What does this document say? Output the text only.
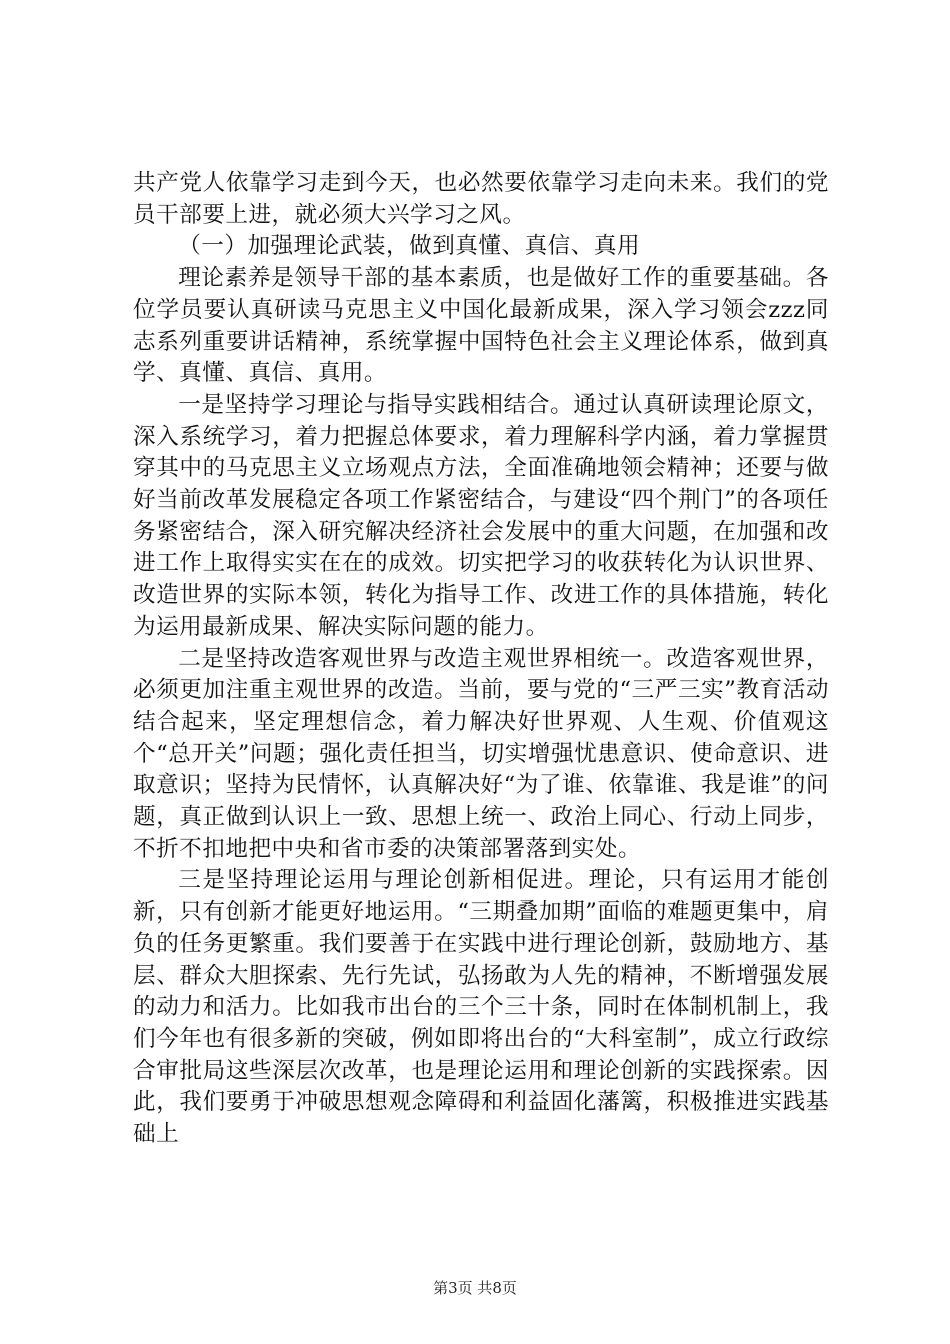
共产党人依靠学习走到今天，也必然要依靠学习走向未来。我们的党员干部要上进，就必须大兴学习之风。

（一）加强理论武装，做到真懂、真信、真用

理论素养是领导干部的基本素质，也是做好工作的重要基础。各位学员要认真研读马克思主义中国化最新成果，深入学习领会zzz同志系列重要讲话精神，系统掌握中国特色社会主义理论体系，做到真学、真懂、真信、真用。

一是坚持学习理论与指导实践相结合。通过认真研读理论原文，深入系统学习，着力把握总体要求，着力理解科学内涵，着力掌握贯穿其中的马克思主义立场观点方法，全面准确地领会精神；还要与做好当前改革发展稳定各项工作紧密结合，与建设“四个荆门”的各项任务紧密结合，深入研究解决经济社会发展中的重大问题，在加强和改进工作上取得实实在在的成效。切实把学习的收获转化为认识世界、改造世界的实际本领，转化为指导工作、改进工作的具体措施，转化为运用最新成果、解决实际问题的能力。

二是坚持改造客观世界与改造主观世界相统一。改造客观世界，必须更加注重主观世界的改造。当前，要与党的“三严三实”教育活动结合起来，坚定理想信念，着力解决好世界观、人生观、价值观这个“总开关”问题；强化责任担当，切实增强忧患意识、使命意识、进取意识；坚持为民情怀，认真解决好“为了谁、依靠谁、我是谁”的问题，真正做到认识上一致、思想上统一、政治上同心、行动上同步，不折不扣地把中央和省市委的决策部署落到实处。

三是坚持理论运用与理论创新相促进。理论，只有运用才能创新，只有创新才能更好地运用。“三期叠加期”面临的难题更集中，肩负的任务更繁重。我们要善于在实践中进行理论创新，鼓励地方、基层、群众大胆探索、先行先试，弘扬敢为人先的精神，不断增强发展的动力和活力。比如我市出台的三个三十条，同时在体制机制上，我们今年也有很多新的突破，例如即将出台的“大科室制”，成立行政综合审批局这些深层次改革，也是理论运用和理论创新的实践探索。因此，我们要勇于冲破思想观念障碍和利益固化藩篱，积极推进实践基础上

第3页 共8页
